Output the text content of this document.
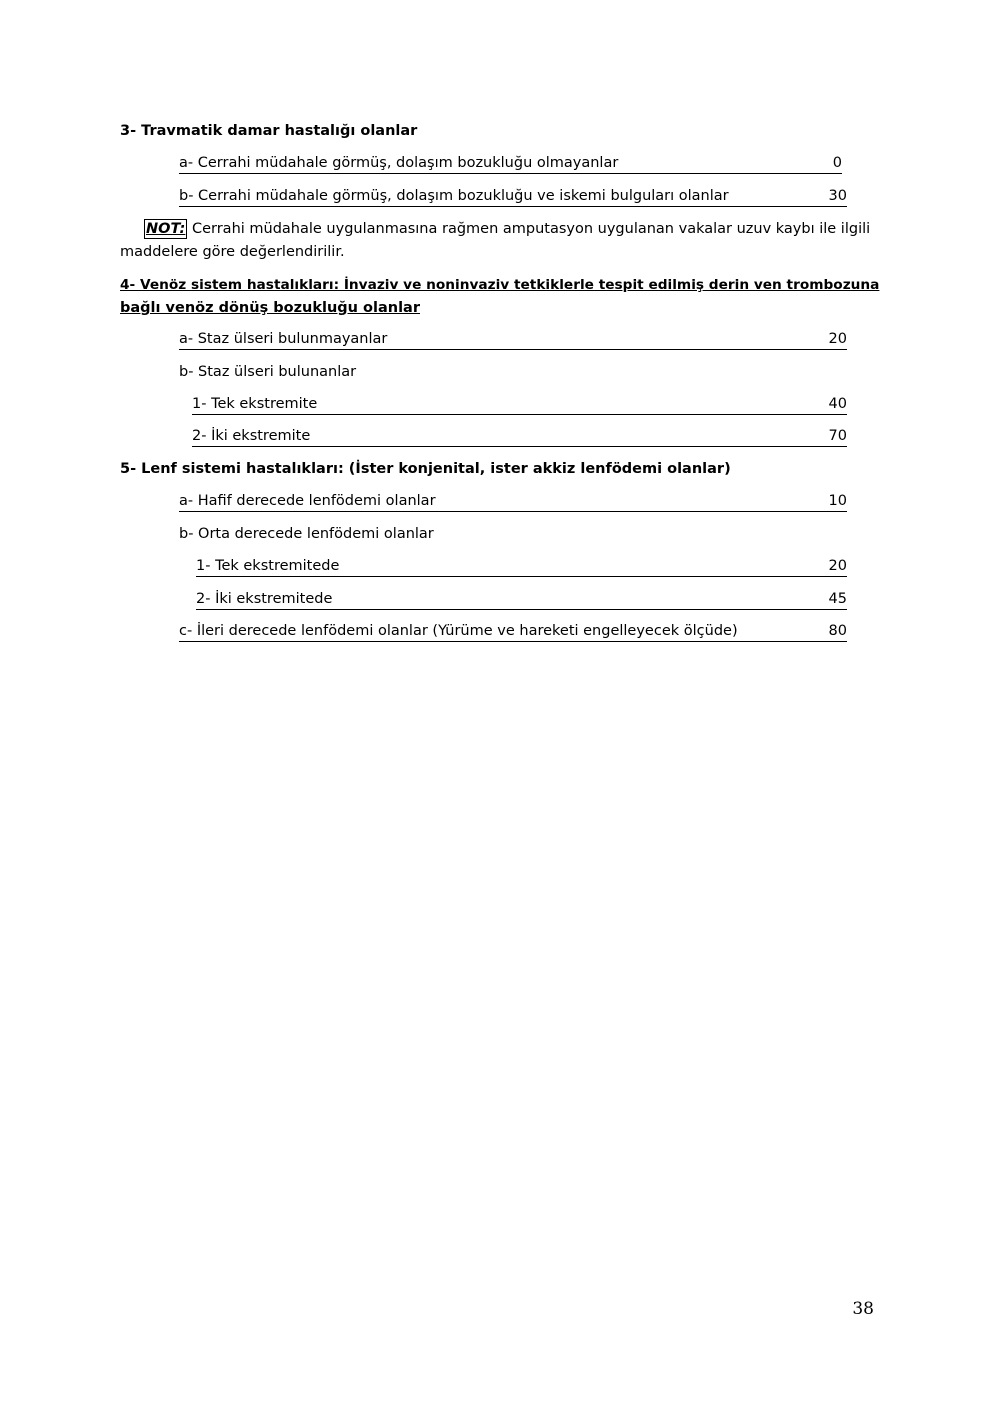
3- Travmatik damar hastalığı olanlar
a- Cerrahi müdahale görmüş, dolaşım bozukluğu olmayanlar	0
b- Cerrahi müdahale görmüş, dolaşım bozukluğu ve iskemi bulguları olanlar	30
NOT: Cerrahi müdahale uygulanmasına rağmen amputasyon uygulanan vakalar uzuv kaybı ile ilgili
maddelere göre değerlendirilir.
4- Venöz sistem hastalıkları: İnvaziv ve noninvaziv tetkiklerle tespit edilmiş derin ven trombozuna
bağlı venöz dönüş bozukluğu olanlar
a- Staz ülseri bulunmayanlar	20
b- Staz ülseri bulunanlar
1- Tek ekstremite	40
2- İki ekstremite	70
5- Lenf sistemi hastalıkları: (İster konjenital, ister akkiz lenfödemi olanlar)
a- Hafif derecede lenfödemi olanlar	10
b- Orta derecede lenfödemi olanlar
1- Tek ekstremitede	20
2- İki ekstremitede	45
c- İleri derecede lenfödemi olanlar (Yürüme ve hareketi engelleyecek ölçüde)	80
38
